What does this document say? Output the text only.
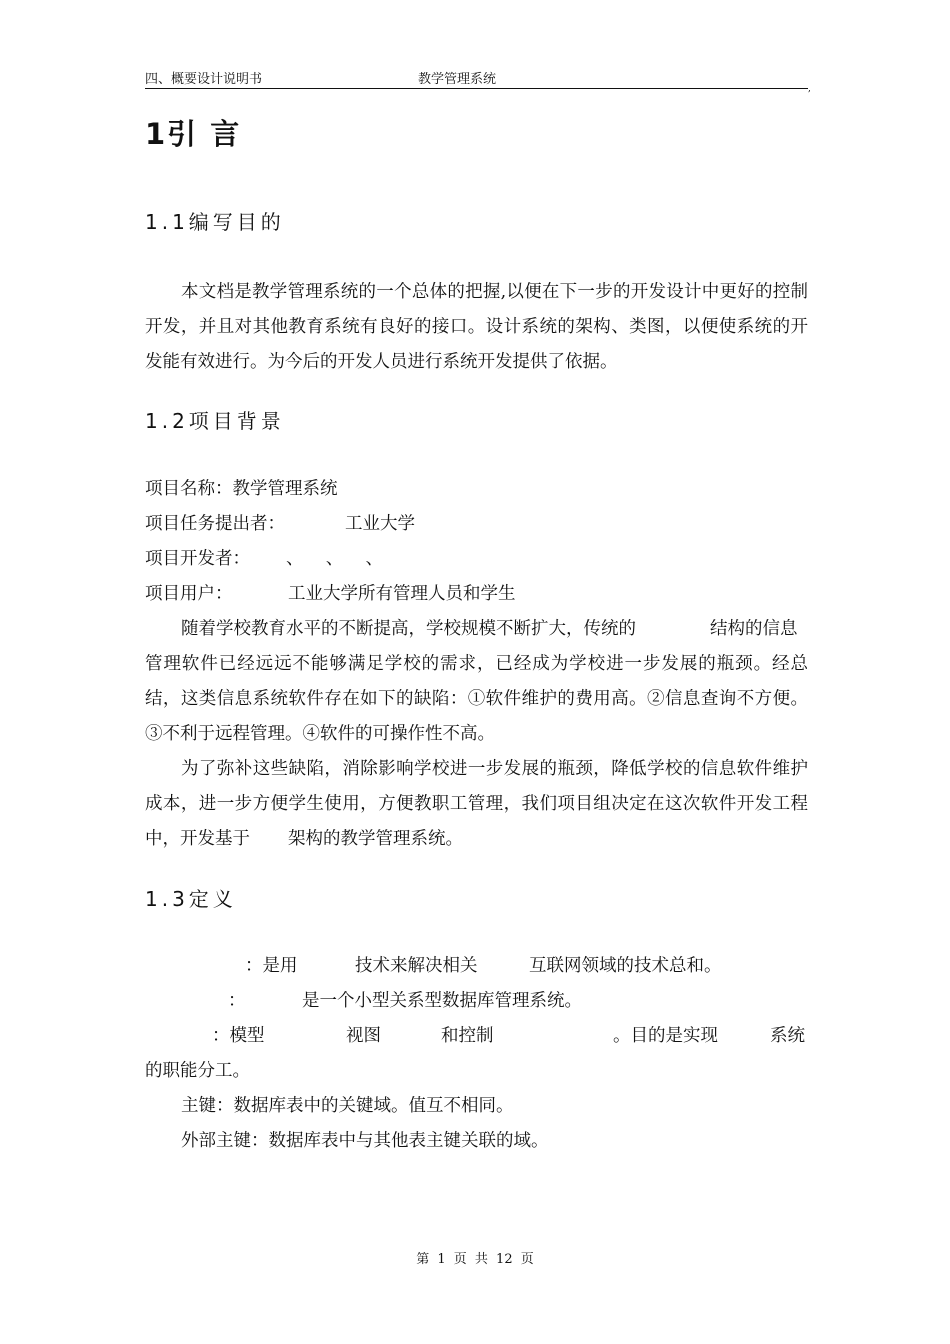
四、概要设计说明书	教学管理系统
,
1引 言
1.1编写目的
本文档是教学管理系统的一个总体的把握,以便在下一步的开发设计中更好的控制开发，并且对其他教育系统有良好的接口。设计系统的架构、类图，以便使系统的开发能有效进行。为今后的开发人员进行系统开发提供了依据。
1.2项目背景
项目名称：教学管理系统
项目任务提出者：	工业大学
项目开发者： 、    、    、
项目用户：	工业大学所有管理人员和学生
随着学校教育水平的不断提高，学校规模不断扩大，传统的	结构的信息
管理软件已经远远不能够满足学校的需求，已经成为学校进一步发展的瓶颈。经总结，这类信息系统软件存在如下的缺陷：①软件维护的费用高。②信息查询不方便。③不利于远程管理。④软件的可操作性不高。
为了弥补这些缺陷，消除影响学校进一步发展的瓶颈，降低学校的信息软件维护成本，进一步方便学生使用，方便教职工管理，我们项目组决定在这次软件开发工程中，开发基于 架构的教学管理系统。
1.3定义
：是用	技术来解决相关	互联网领域的技术总和。
：	是一个小型关系型数据库管理系统。
：模型	视图	和控制	。目的是实现	系统
的职能分工。
主键：数据库表中的关键域。值互不相同。
外部主键：数据库表中与其他表主键关联的域。
第 1 页 共 12 页
